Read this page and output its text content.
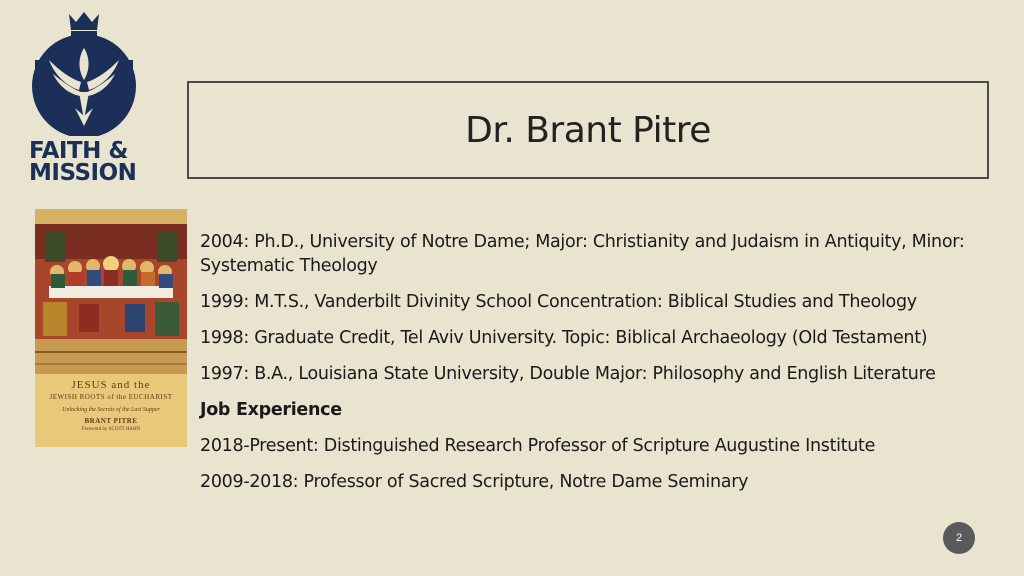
FAITH &
MISSION
Dr. Brant Pitre
JESUS and the
JEWISH ROOTS of the EUCHARIST
Unlocking the Secrets of the Last Supper
BRANT PITRE
Foreword by SCOTT HAHN

2004: Ph.D., University of Notre Dame; Major: Christianity and Judaism in Antiquity, Minor: Systematic Theology

1999: M.T.S., Vanderbilt Divinity School Concentration: Biblical Studies and Theology

1998: Graduate Credit, Tel Aviv University. Topic: Biblical Archaeology (Old Testament)

1997: B.A., Louisiana State University, Double Major: Philosophy and English Literature

Job Experience

2018-Present: Distinguished Research Professor of Scripture Augustine Institute

2009-2018: Professor of Sacred Scripture, Notre Dame Seminary

2
